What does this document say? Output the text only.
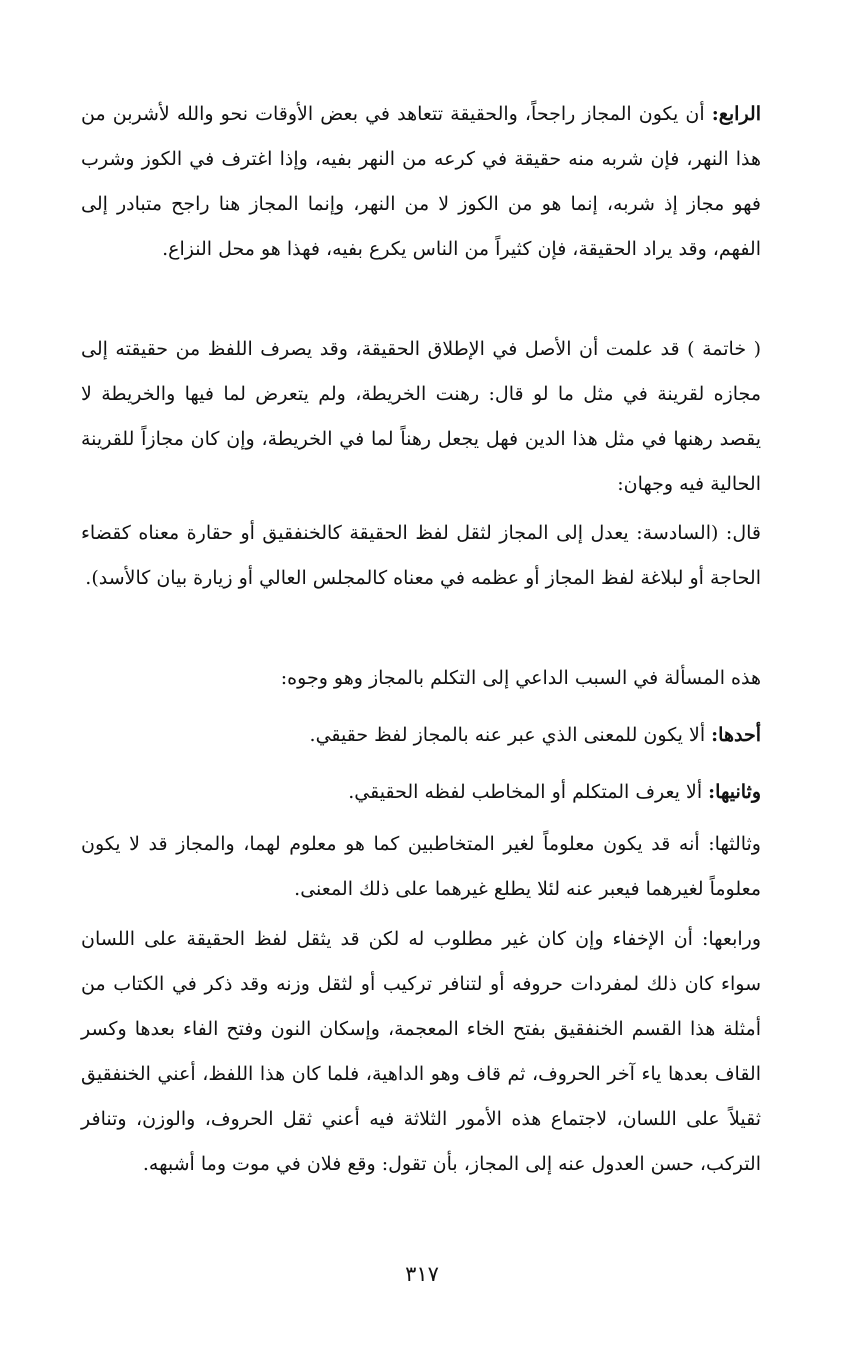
الرابع: أن يكون المجاز راجحاً، والحقيقة تتعاهد في بعض الأوقات نحو والله لأشربن من هذا النهر، فإن شربه منه حقيقة في كرعه من النهر بفيه، وإذا اغترف في الكوز وشرب فهو مجاز إذ شربه، إنما هو من الكوز لا من النهر، وإنما المجاز هنا راجح متبادر إلى الفهم، وقد يراد الحقيقة، فإن كثيراً من الناس يكرع بفيه، فهذا هو محل النزاع.

( خاتمة ) قد علمت أن الأصل في الإطلاق الحقيقة، وقد يصرف اللفظ من حقيقته إلى مجازه لقرينة في مثل ما لو قال: رهنت الخريطة، ولم يتعرض لما فيها والخريطة لا يقصد رهنها في مثل هذا الدين فهل يجعل رهناً لما في الخريطة، وإن كان مجازاً للقرينة الحالية فيه وجهان:

قال: (السادسة: يعدل إلى المجاز لثقل لفظ الحقيقة كالخنفقيق أو حقارة معناه كقضاء الحاجة أو لبلاغة لفظ المجاز أو عظمه في معناه كالمجلس العالي أو زيارة بيان كالأسد).

هذه المسألة في السبب الداعي إلى التكلم بالمجاز وهو وجوه:

أحدها: ألا يكون للمعنى الذي عبر عنه بالمجاز لفظ حقيقي.

وثانيها: ألا يعرف المتكلم أو المخاطب لفظه الحقيقي.

وثالثها: أنه قد يكون معلوماً لغير المتخاطبين كما هو معلوم لهما، والمجاز قد لا يكون معلوماً لغيرهما فيعبر عنه لئلا يطلع غيرهما على ذلك المعنى.

ورابعها: أن الإخفاء وإن كان غير مطلوب له لكن قد يثقل لفظ الحقيقة على اللسان سواء كان ذلك لمفردات حروفه أو لتنافر تركيب أو لثقل وزنه وقد ذكر في الكتاب من أمثلة هذا القسم الخنفقيق بفتح الخاء المعجمة، وإسكان النون وفتح الفاء بعدها وكسر القاف بعدها ياء آخر الحروف، ثم قاف وهو الداهية، فلما كان هذا اللفظ، أعني الخنفقيق ثقيلاً على اللسان، لاجتماع هذه الأمور الثلاثة فيه أعني ثقل الحروف، والوزن، وتنافر التركب، حسن العدول عنه إلى المجاز، بأن تقول: وقع فلان في موت وما أشبهه.

٣١٧
